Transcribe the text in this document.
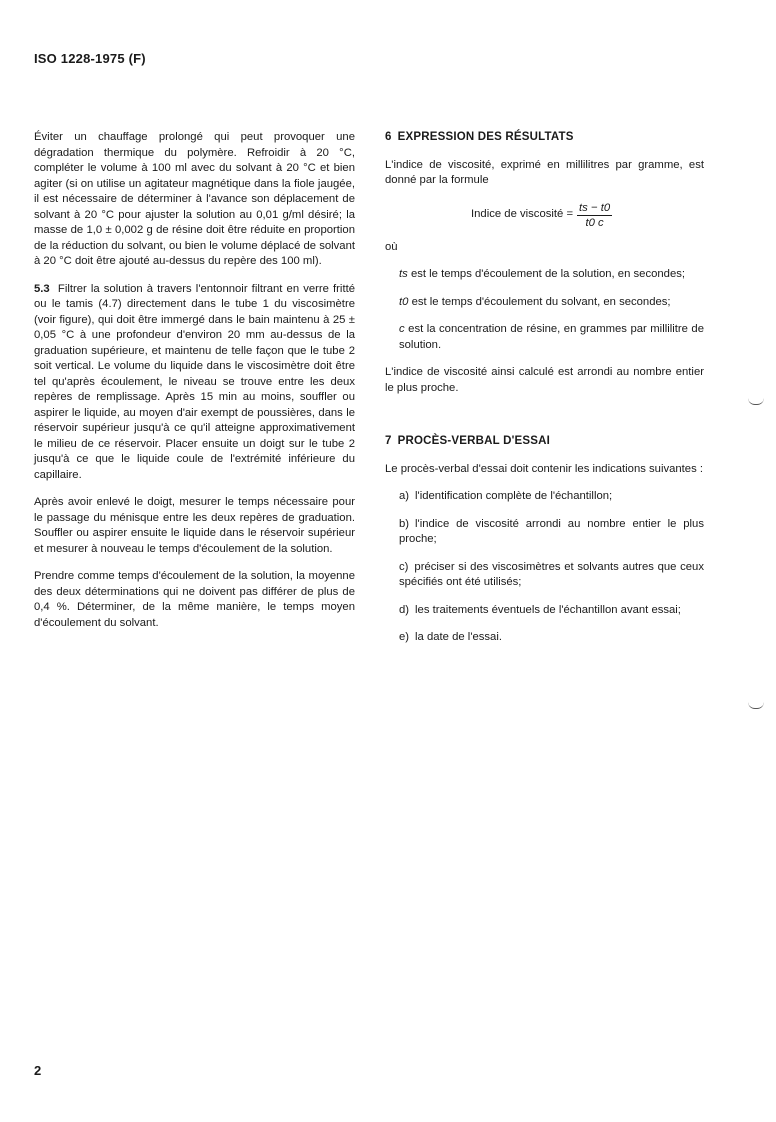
ISO 1228-1975 (F)

Éviter un chauffage prolongé qui peut provoquer une dégradation thermique du polymère. Refroidir à 20 °C, compléter le volume à 100 ml avec du solvant à 20 °C et bien agiter (si on utilise un agitateur magnétique dans la fiole jaugée, il est nécessaire de déterminer à l'avance son déplacement de solvant à 20 °C pour ajuster la solution au 0,01 g/ml désiré; la masse de 1,0 ± 0,002 g de résine doit être réduite en proportion de la réduction du solvant, ou bien le volume déplacé de solvant à 20 °C doit être ajouté au-dessus du repère des 100 ml).

5.3 Filtrer la solution à travers l'entonnoir filtrant en verre fritté ou le tamis (4.7) directement dans le tube 1 du viscosimètre (voir figure), qui doit être immergé dans le bain maintenu à 25 ± 0,05 °C à une profondeur d'environ 20 mm au-dessus de la graduation supérieure, et maintenu de telle façon que le tube 2 soit vertical. Le volume du liquide dans le viscosimètre doit être tel qu'après écoulement, le niveau se trouve entre les deux repères de remplissage. Après 15 min au moins, souffler ou aspirer le liquide, au moyen d'air exempt de poussières, dans le réservoir supérieur jusqu'à ce qu'il atteigne approximativement le milieu de ce réservoir. Placer ensuite un doigt sur le tube 2 jusqu'à ce que le liquide coule de l'extrémité inférieure du capillaire.

Après avoir enlevé le doigt, mesurer le temps nécessaire pour le passage du ménisque entre les deux repères de graduation. Souffler ou aspirer ensuite le liquide dans le réservoir supérieur et mesurer à nouveau le temps d'écoulement de la solution.

Prendre comme temps d'écoulement de la solution, la moyenne des deux déterminations qui ne doivent pas différer de plus de 0,4 %. Déterminer, de la même manière, le temps moyen d'écoulement du solvant.

6 EXPRESSION DES RÉSULTATS

L'indice de viscosité, exprimé en millilitres par gramme, est donné par la formule

Indice de viscosité = $\frac{ts - t0}{t0 c}$

où

ts est le temps d'écoulement de la solution, en secondes;

t0 est le temps d'écoulement du solvant, en secondes;

c est la concentration de résine, en grammes par millilitre de solution.

L'indice de viscosité ainsi calculé est arrondi au nombre entier le plus proche.

7 PROCÈS-VERBAL D'ESSAI

Le procès-verbal d'essai doit contenir les indications suivantes :

a) l'identification complète de l'échantillon;

b) l'indice de viscosité arrondi au nombre entier le plus proche;

c) préciser si des viscosimètres et solvants autres que ceux spécifiés ont été utilisés;

d) les traitements éventuels de l'échantillon avant essai;

e) la date de l'essai.

2
